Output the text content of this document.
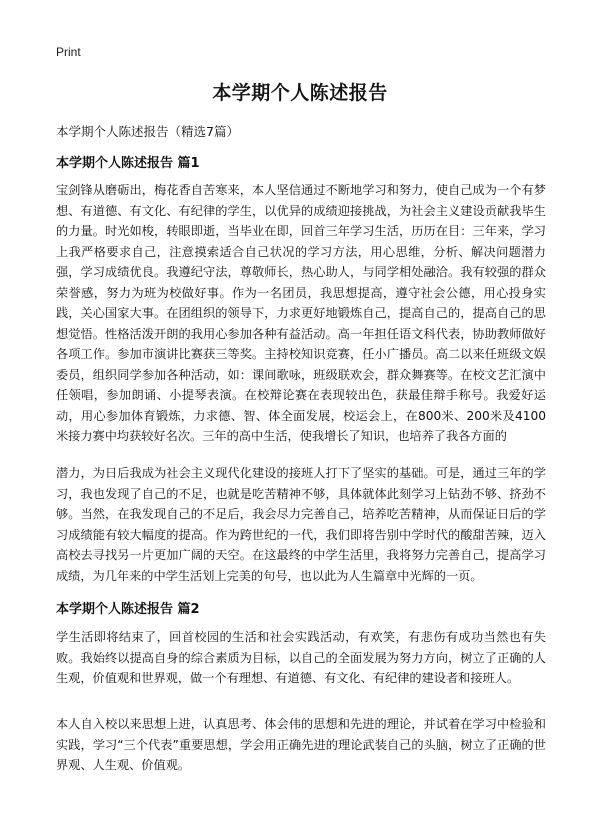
Print
本学期个人陈述报告

本学期个人陈述报告（精选7篇）

本学期个人陈述报告 篇1

宝剑锋从磨砺出，梅花香自苦寒来，本人坚信通过不断地学习和努力，使自己成为一个有梦想、有道德、有文化、有纪律的学生，以优异的成绩迎接挑战，为社会主义建设贡献我毕生的力量。时光如梭，转眼即逝，当毕业在即，回首三年学习生活，历历在目：三年来，学习上我严格要求自己，注意摸索适合自己状况的学习方法，用心思维，分析、解决问题潜力强，学习成绩优良。我遵纪守法，尊敬师长，热心助人，与同学相处融洽。我有较强的群众荣誉感，努力为班为校做好事。作为一名团员，我思想提高，遵守社会公德，用心投身实践，关心国家大事。在团组织的领导下，力求更好地锻炼自己，提高自己的，提高自己的思想觉悟。性格活泼开朗的我用心参加各种有益活动。高一年担任语文科代表，协助教师做好各项工作。参加市演讲比赛获三等奖。主持校知识竞赛，任小广播员。高二以来任班级文娱委员，组织同学参加各种活动，如：课间歌咏，班级联欢会，群众舞赛等。在校文艺汇演中任领唱，参加朗诵、小提琴表演。在校辩论赛在表现较出色，获最佳辩手称号。我爱好运动，用心参加体育锻炼，力求德、智、体全面发展，校运会上，在800米、200米及4100米接力赛中均获较好名次。三年的高中生活，使我增长了知识，也培养了我各方面的

潜力，为日后我成为社会主义现代化建设的接班人打下了坚实的基础。可是，通过三年的学习，我也发现了自己的不足，也就是吃苦精神不够，具体就体此刻学习上钻劲不够、挤劲不够。当然，在我发现自己的不足后，我会尽力完善自己，培养吃苦精神，从而保证日后的学习成绩能有较大幅度的提高。作为跨世纪的一代，我们即将告别中学时代的酸甜苦辣，迈入高校去寻找另一片更加广阔的天空。在这最终的中学生活里，我将努力完善自己，提高学习成绩，为几年来的中学生活划上完美的句号，也以此为人生篇章中光辉的一页。

本学期个人陈述报告 篇2

学生活即将结束了，回首校园的生活和社会实践活动，有欢笑，有悲伤有成功当然也有失败。我始终以提高自身的综合素质为目标，以自己的全面发展为努力方向，树立了正确的人生观，价值观和世界观，做一个有理想、有道德、有文化、有纪律的建设者和接班人。

本人自入校以来思想上进，认真思考、体会伟的思想和先进的理论，并试着在学习中检验和实践，学习“三个代表”重要思想，学会用正确先进的理论武装自己的头脑，树立了正确的世界观、人生观、价值观。
